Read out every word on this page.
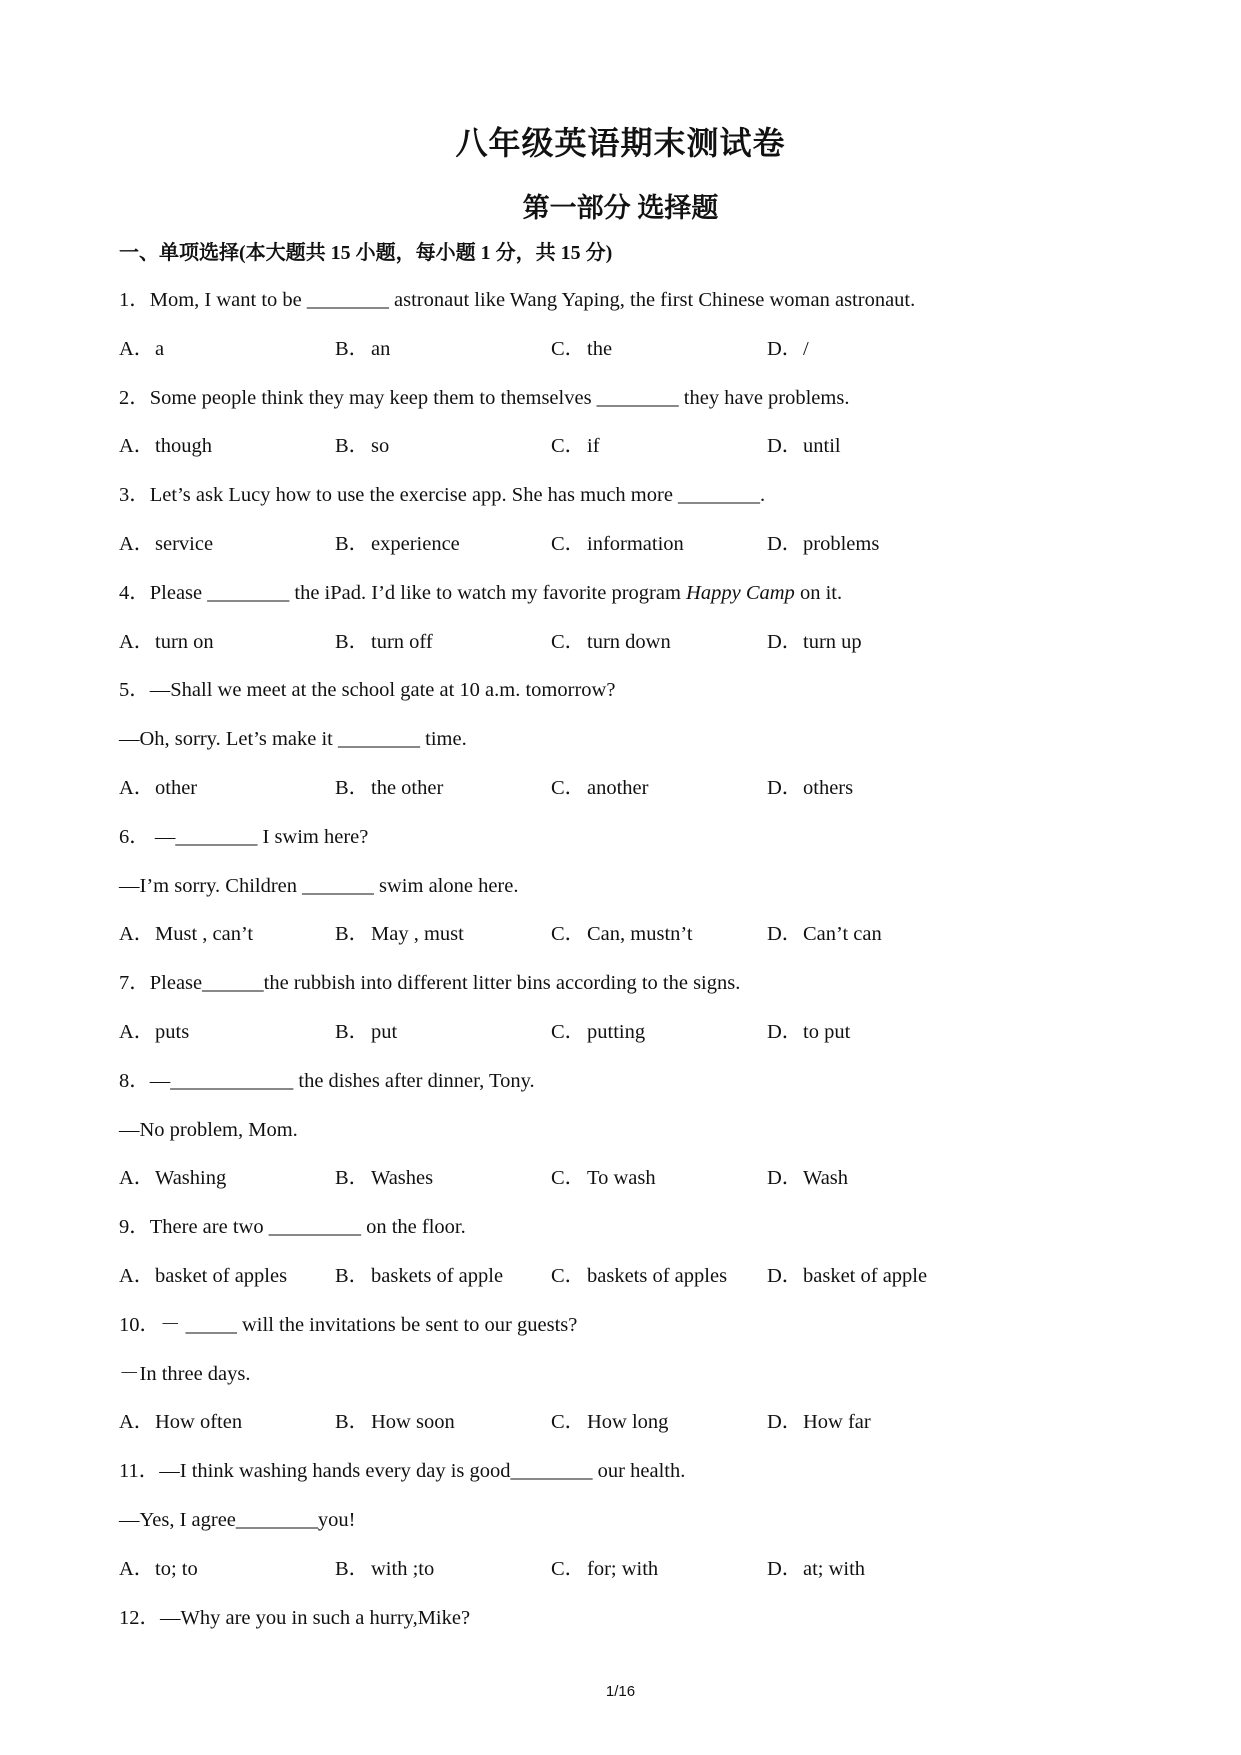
八年级英语期末测试卷
第一部分 选择题
一、单项选择(本大题共 15 小题，每小题 1 分，共 15 分)
1．Mom, I want to be ________ astronaut like Wang Yaping, the first Chinese woman astronaut.
A．a	B．an	C．the	D．/
2．Some people think they may keep them to themselves ________ they have problems.
A．though	B．so	C．if	D．until
3．Let’s ask Lucy how to use the exercise app. She has much more ________.
A．service	B．experience	C．information	D．problems
4．Please ________ the iPad. I’d like to watch my favorite program Happy Camp on it.
A．turn on	B．turn off	C．turn down	D．turn up
5．—Shall we meet at the school gate at 10 a.m. tomorrow?
—Oh, sorry. Let’s make it ________ time.
A．other	B．the other	C．another	D．others
6． —________ I swim here?
—I’m sorry. Children _______ swim alone here.
A．Must , can’t	B．May , must	C．Can, mustn’t	D．Can’t can
7．Please______the rubbish into different litter bins according to the signs.
A．puts	B．put	C．putting	D．to put
8．—____________ the dishes after dinner, Tony.
—No problem, Mom.
A．Washing	B．Washes	C．To wash	D．Wash
9．There are two _________ on the floor.
A．basket of apples	B．baskets of apple	C．baskets of apples	D．basket of apple
10．－ _____ will the invitations be sent to our guests?
－In three days.
A．How often	B．How soon	C．How long	D．How far
11．—I think washing hands every day is good________ our health.
—Yes, I agree________you!
A．to; to	B．with ;to	C．for; with	D．at; with
12．—Why are you in such a hurry,Mike?
1/16
